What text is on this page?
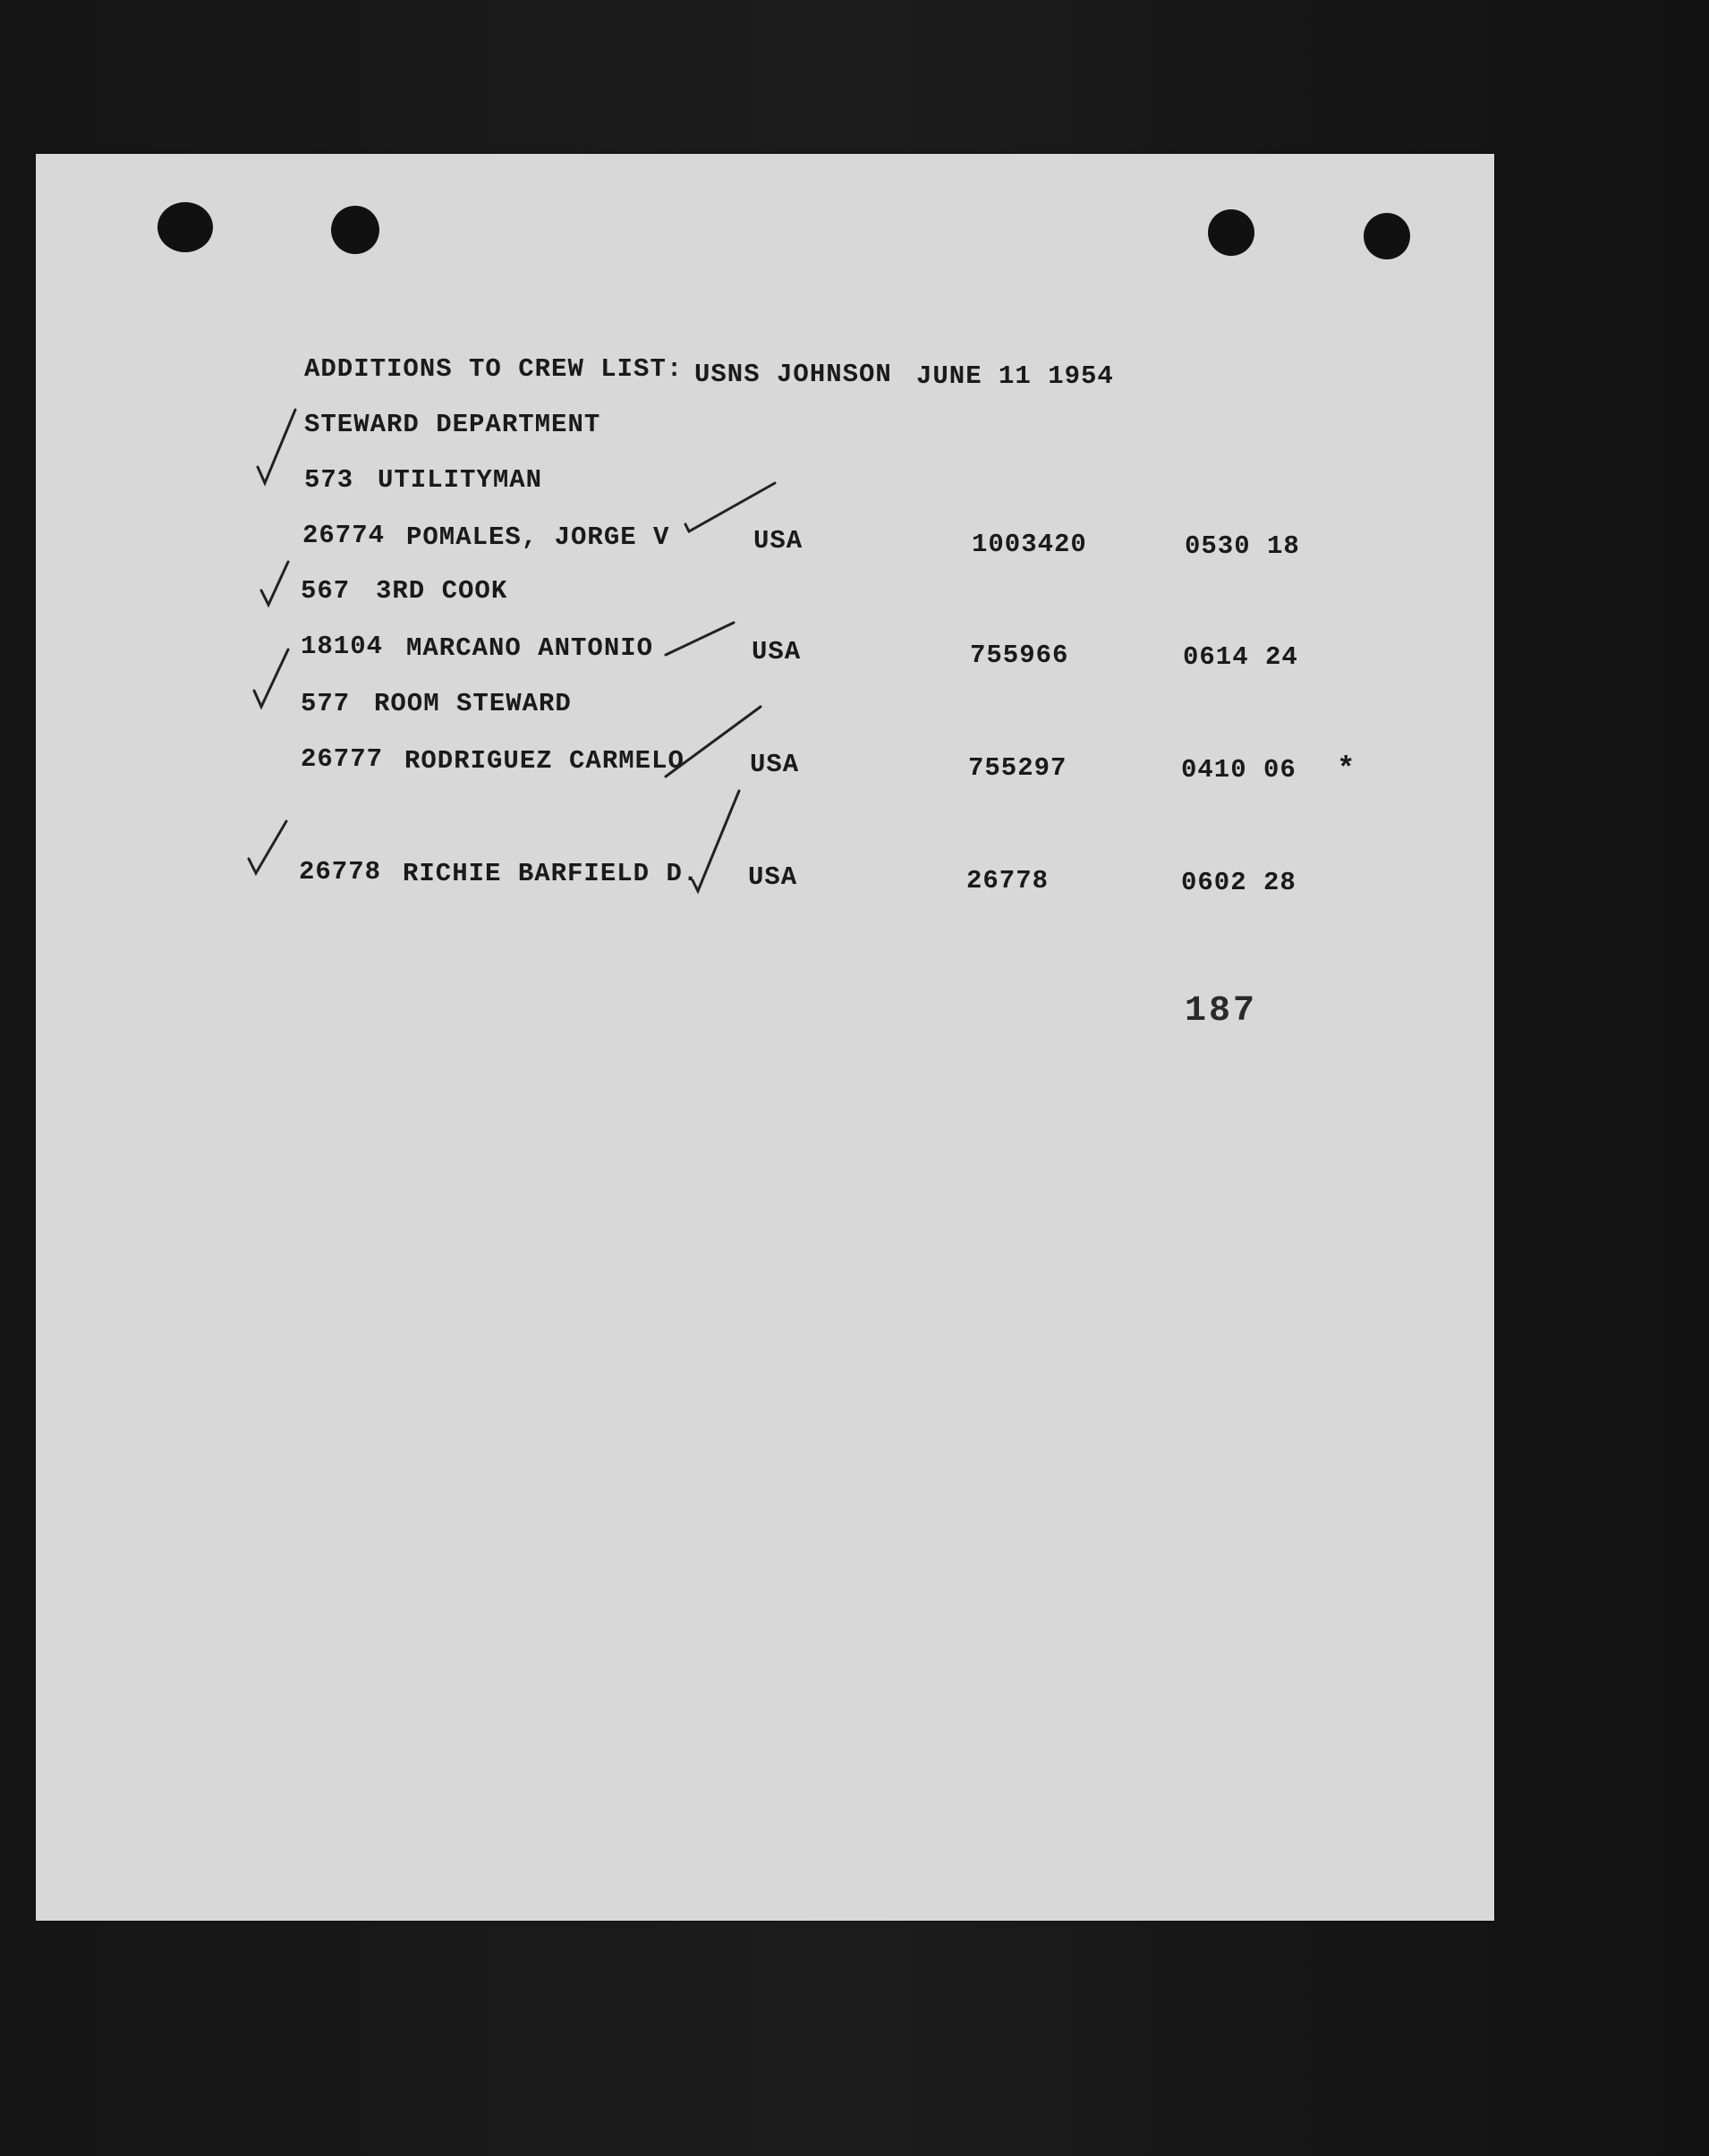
ADDITIONS TO CREW LIST: USNS JOHNSON JUNE 11 1954
STEWARD DEPARTMENT
573 UTILITYMAN
26774 POMALES, JORGE V	USA	1003420	0530 18
567 3RD COOK
18104 MARCANO ANTONIO	USA	755966	0614 24
577 ROOM STEWARD
26777 RODRIGUEZ CARMELO	USA	755297	0410 06 *
26778 RICHIE BARFIELD D. USA	26778	0602 28
187
